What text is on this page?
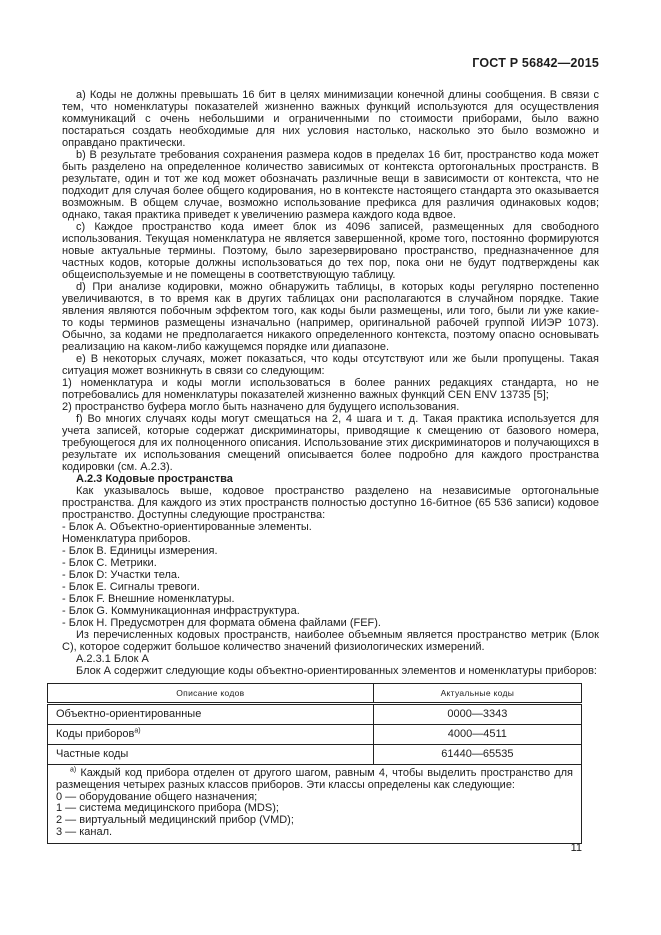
ГОСТ Р 56842—2015

а) Коды не должны превышать 16 бит в целях минимизации конечной длины сообщения. В связи с тем, что номенклатуры показателей жизненно важных функций используются для осуществления коммуникаций с очень небольшими и ограниченными по стоимости приборами, было важно постараться создать необходимые для них условия настолько, насколько это было возможно и оправдано практически.

b) В результате требования сохранения размера кодов в пределах 16 бит, пространство кода может быть разделено на определенное количество зависимых от контекста ортогональных пространств. В результате, один и тот же код может обозначать различные вещи в зависимости от контекста, что не подходит для случая более общего кодирования, но в контексте настоящего стандарта это оказывается возможным. В общем случае, возможно использование префикса для различия одинаковых кодов; однако, такая практика приведет к увеличению размера каждого кода вдвое.

с) Каждое пространство кода имеет блок из 4096 записей, размещенных для свободного использования. Текущая номенклатура не является завершенной, кроме того, постоянно формируются новые актуальные термины. Поэтому, было зарезервировано пространство, предназначенное для частных кодов, которые должны использоваться до тех пор, пока они не будут подтверждены как общеиспользуемые и не помещены в соответствующую таблицу.

d) При анализе кодировки, можно обнаружить таблицы, в которых коды регулярно постепенно увеличиваются, в то время как в других таблицах они располагаются в случайном порядке. Такие явления являются побочным эффектом того, как коды были размещены, или того, были ли уже какие-то коды терминов размещены изначально (например, оригинальной рабочей группой ИИЭР 1073). Обычно, за кодами не предполагается никакого определенного контекста, поэтому опасно основывать реализацию на каком-либо кажущемся порядке или диапазоне.

е) В некоторых случаях, может показаться, что коды отсутствуют или же были пропущены. Такая ситуация может возникнуть в связи со следующим:

1) номенклатура и коды могли использоваться в более ранних редакциях стандарта, но не потребовались для номенклатуры показателей жизненно важных функций CEN ENV 13735 [5];

2) пространство буфера могло быть назначено для будущего использования.

f) Во многих случаях коды могут смещаться на 2, 4 шага и т. д. Такая практика используется для учета записей, которые содержат дискриминаторы, приводящие к смещению от базового номера, требующегося для их полноценного описания. Использование этих дискриминаторов и получающихся в результате их использования смещений описывается более подробно для каждого пространства кодировки (см. А.2.3).

А.2.3 Кодовые пространства

Как указывалось выше, кодовое пространство разделено на независимые ортогональные пространства. Для каждого из этих пространств полностью доступно 16-битное (65 536 записи) кодовое пространство. Доступны следующие пространства:

- Блок А. Объектно-ориентированные элементы.

Номенклатура приборов.

- Блок В. Единицы измерения.

- Блок С. Метрики.

- Блок D: Участки тела.

- Блок Е. Сигналы тревоги.

- Блок F. Внешние номенклатуры.

- Блок G. Коммуникационная инфраструктура.

- Блок Н. Предусмотрен для формата обмена файлами (FEF).

Из перечисленных кодовых пространств, наиболее объемным является пространство метрик (Блок С), которое содержит большое количество значений физиологических измерений.

А.2.3.1 Блок А

Блок А содержит следующие коды объектно-ориентированных элементов и номенклатуры приборов:

Описание кодов	Актуальные коды
Объектно-ориентированные	0000—3343
Коды приборов$^{а)}$	4000—4511
Частные коды	61440—65535

$^{а)}$ Каждый код прибора отделен от другого шагом, равным 4, чтобы выделить пространство для размещения четырех разных классов приборов. Эти классы определены как следующие:

0 — оборудование общего назначения;

1 — система медицинского прибора (MDS);

2 — виртуальный медицинский прибор (VMD);

3 — канал.	

11
